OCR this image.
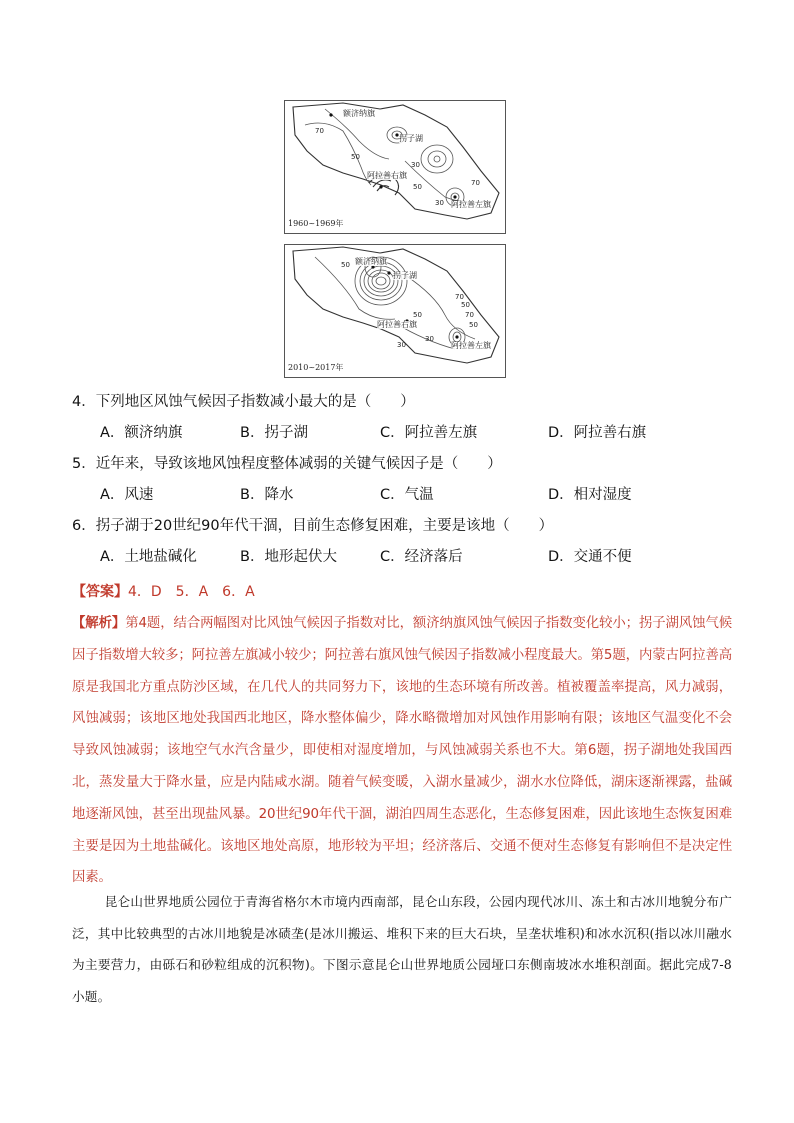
70
50
30
50	70
30
额济纳旗
拐子湖
阿拉善右旗
阿拉善左旗
1960~1969年
50
70
50
70
50
50
30
30
额济纳旗
拐子湖
阿拉善右旗
阿拉善左旗
2010~2017年
4．下列地区风蚀气候因子指数减小最大的是（　　）
A．额济纳旗	B．拐子湖	C．阿拉善左旗	D．阿拉善右旗
5．近年来，导致该地风蚀程度整体减弱的关键气候因子是（　　）
A．风速	B．降水	C．气温	D．相对湿度
6．拐子湖于20世纪90年代干涸，目前生态修复困难，主要是该地（　　）
A．土地盐碱化	B．地形起伏大	C．经济落后	D．交通不便
【答案】4．D　5．A　6．A
【解析】第4题，结合两幅图对比风蚀气候因子指数对比，额济纳旗风蚀气候因子指数变化较小；拐子湖风蚀气候因子指数增大较多；阿拉善左旗减小较少；阿拉善右旗风蚀气候因子指数减小程度最大。第5题，内蒙古阿拉善高原是我国北方重点防沙区域，在几代人的共同努力下，该地的生态环境有所改善。植被覆盖率提高，风力减弱，风蚀减弱；该地区地处我国西北地区，降水整体偏少，降水略微增加对风蚀作用影响有限；该地区气温变化不会导致风蚀减弱；该地空气水汽含量少，即使相对湿度增加，与风蚀减弱关系也不大。第6题，拐子湖地处我国西北，蒸发量大于降水量，应是内陆咸水湖。随着气候变暖，入湖水量减少，湖水水位降低，湖床逐渐裸露，盐碱地逐渐风蚀，甚至出现盐风暴。20世纪90年代干涸，湖泊四周生态恶化，生态修复困难，因此该地生态恢复困难主要是因为土地盐碱化。该地区地处高原，地形较为平坦；经济落后、交通不便对生态修复有影响但不是决定性因素。
昆仑山世界地质公园位于青海省格尔木市境内西南部，昆仑山东段，公园内现代冰川、冻土和古冰川地貌分布广泛，其中比较典型的古冰川地貌是冰碛垄(是冰川搬运、堆积下来的巨大石块，呈垄状堆积)和冰水沉积(指以冰川融水为主要营力，由砾石和砂粒组成的沉积物)。下图示意昆仑山世界地质公园垭口东侧南坡冰水堆积剖面。据此完成7-8小题。
